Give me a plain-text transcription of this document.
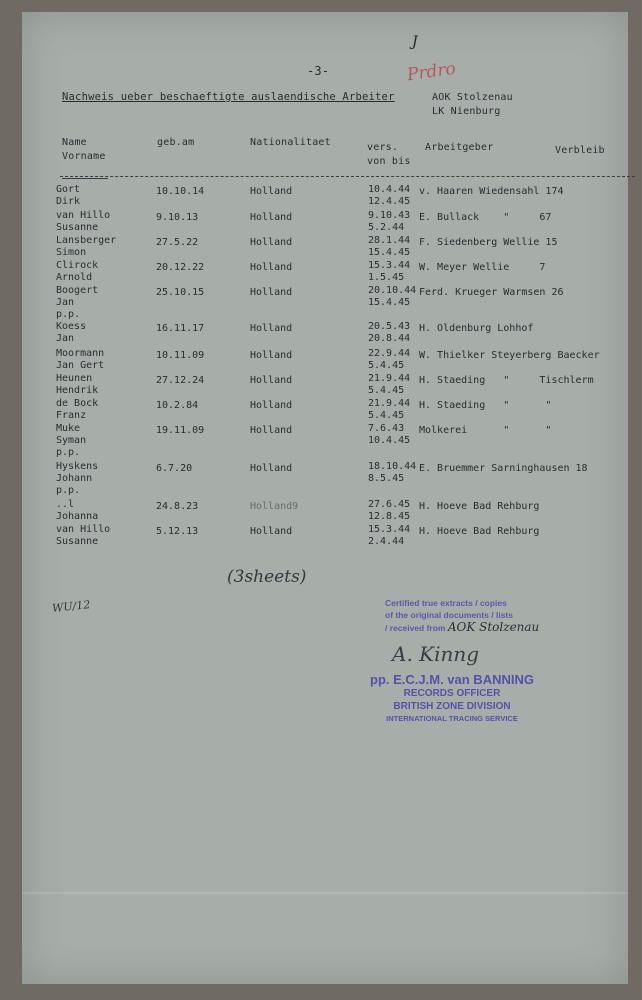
J
-3-	Prdro
Nachweis ueber beschaeftigte auslaendische Arbeiter	AOK Stolzenau
LK Nienburg
Name
Vorname
geb.am	Nationalitaet	vers.
von bis
Arbeitgeber	Verbleib
Gort
Dirk
10.10.14	Holland	10.4.44
12.4.45
v. Haaren Wiedensahl 174
van Hillo
Susanne
9.10.13	Holland	9.10.43
5.2.44
E. Bullack    "     67
Lansberger
Simon
27.5.22	Holland	28.1.44
15.4.45
F. Siedenberg Wellie 15
Clirock
Arnold
20.12.22	Holland	15.3.44
1.5.45
W. Meyer Wellie     7
Boogert
Jan
p.p.
25.10.15	Holland	20.10.44
15.4.45
Ferd. Krueger Warmsen 26
Koess
Jan
16.11.17	Holland	20.5.43
20.8.44
H. Oldenburg Lohhof
Moormann
Jan Gert
10.11.09	Holland	22.9.44
5.4.45
W. Thielker Steyerberg Baecker
Heunen
Hendrik
27.12.24	Holland	21.9.44
5.4.45
H. Staeding   "     Tischlerm
de Bock
Franz
10.2.84	Holland	21.9.44
5.4.45
H. Staeding   "      "
Muke
Syman
p.p.
19.11.09	Holland	7.6.43
10.4.45
Molkerei      "      "
Hyskens
Johann
p.p.
6.7.20	Holland	18.10.44
8.5.45
E. Bruemmer Sarninghausen 18
..l
Johanna
24.8.23	Holland9	27.6.45
12.8.45
H. Hoeve Bad Rehburg
van Hillo
Susanne
5.12.13	Holland	15.3.44
2.4.44
H. Hoeve Bad Rehburg
(3sheets)
WU/12	Certified true extracts / copies
of the original documents / lists
/ received from AOK Stolzenau
A. Kinng
pp. E.C.J.M. van BANNING
RECORDS OFFICER
BRITISH ZONE DIVISION
INTERNATIONAL TRACING SERVICE
